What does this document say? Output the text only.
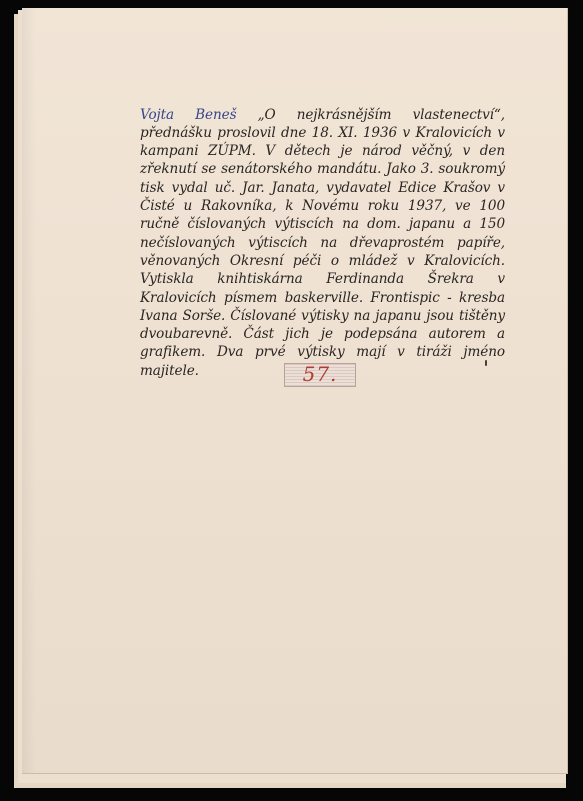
Vojta Beneš „O nejkrásnějším vlastenectví“, přednášku proslovil dne 18. XI. 1936 v Kralovicích v kampani ZÚPM. V dětech je národ věčný, v den zřeknutí se senátorského mandátu. Jako 3. soukromý tisk vydal uč. Jar. Janata, vydavatel Edice Krašov v Čisté u Rakovníka, k Novému roku 1937, ve 100 ručně číslovaných výtiscích na dom. japanu a 150 nečíslovaných výtiscích na dřevaprostém papíře, věnovaných Okresní péči o mládež v Kralovicích. Vytiskla knihtiskárna Ferdinanda Šrekra v Kralovicích písmem baskerville. Frontispic - kresba Ivana Sorše. Číslované výtisky na japanu jsou tištěny dvoubarevně. Část jich je podepsána autorem a grafikem. Dva prvé výtisky mají v tiráži jméno majitele.	57.
